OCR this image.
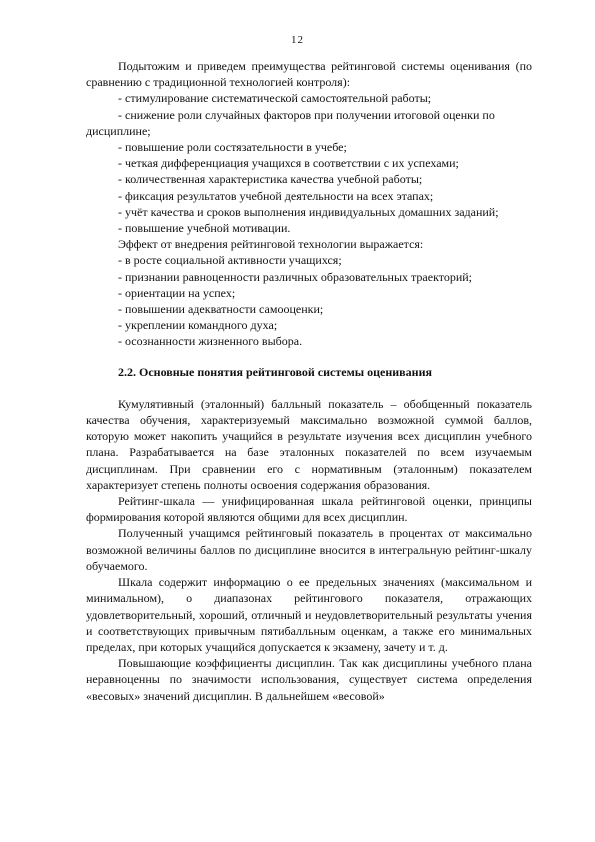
12

Подытожим и приведем преимущества рейтинговой системы оценивания (по сравнению с традиционной технологией контроля):

- стимулирование систематической самостоятельной работы;

- снижение роли случайных факторов при получении итоговой оценки по дисциплине;

- повышение роли состязательности в учебе;

- четкая дифференциация учащихся в соответствии с их успехами;

- количественная характеристика качества учебной работы;

- фиксация результатов учебной деятельности на всех этапах;

- учёт качества и сроков выполнения индивидуальных домашних заданий;

- повышение учебной мотивации.

Эффект от внедрения рейтинговой технологии выражается:

- в росте социальной активности учащихся;

- признании равноценности различных образовательных траекторий;

- ориентации на успех;

- повышении адекватности самооценки;

- укреплении командного духа;

- осознанности жизненного выбора.

2.2. Основные понятия рейтинговой системы оценивания

Кумулятивный (эталонный) балльный показатель – обобщенный показатель качества обучения, характеризуемый максимально возможной суммой баллов, которую может накопить учащийся в результате изучения всех дисциплин учебного плана. Разрабатывается на базе эталонных показателей по всем изучаемым дисциплинам. При сравнении его с нормативным (эталонным) показателем характеризует степень полноты освоения содержания образования.

Рейтинг-шкала — унифицированная шкала рейтинговой оценки, принципы формирования которой являются общими для всех дисциплин.

Полученный учащимся рейтинговый показатель в процентах от максимально возможной величины баллов по дисциплине вносится в интегральную рейтинг-шкалу обучаемого.

Шкала содержит информацию о ее предельных значениях (максимальном и минимальном), о диапазонах рейтингового показателя, отражающих удовлетворительный, хороший, отличный и неудовлетворительный результаты учения и соответствующих привычным пятибалльным оценкам, а также его минимальных пределах, при которых учащийся допускается к экзамену, зачету и т. д.

Повышающие коэффициенты дисциплин. Так как дисциплины учебного плана неравноценны по значимости использования, существует система определения «весовых» значений дисциплин. В дальнейшем «весовой»
